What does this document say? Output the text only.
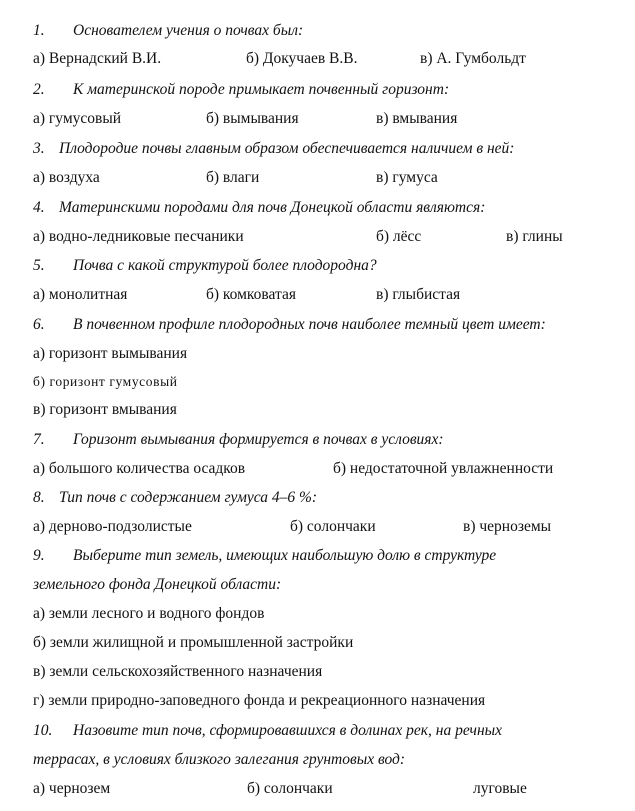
1. Основателем учения о почвах был:
а) Вернадский В.И.	б) Докучаев В.В.	в) А. Гумбольдт
2. К материнской породе примыкает почвенный горизонт:
а) гумусовый	б) вымывания	в) вмывания
3. Плодородие почвы главным образом обеспечивается наличием в ней:
а) воздуха	б) влаги	в) гумуса
4. Материнскими породами для почв Донецкой области являются:
а) водно-ледниковые песчаники	б) лёсс	в) глины
5. Почва с какой структурой более плодородна?
а) монолитная	б) комковатая	в) глыбистая
6. В почвенном профиле плодородных почв наиболее темный цвет имеет:
а) горизонт вымывания
б) горизонт гумусовый
в) горизонт вмывания
7. Горизонт вымывания формируется в почвах в условиях:
а) большого количества осадков	б) недостаточной увлажненности
8. Тип почв с содержанием гумуса 4–6 %:
а) дерново-подзолистые	б) солончаки	в) черноземы
9. Выберите тип земель, имеющих наибольшую долю в структуре
земельного фонда Донецкой области:
а) земли лесного и водного фондов
б) земли жилищной и промышленной застройки
в) земли сельскохозяйственного назначения
г) земли природно-заповедного фонда и рекреационного назначения
10. Назовите тип почв, сформировавшихся в долинах рек, на речных
террасах, в условиях близкого залегания грунтовых вод:
а) чернозем	б) солончаки	луговые
